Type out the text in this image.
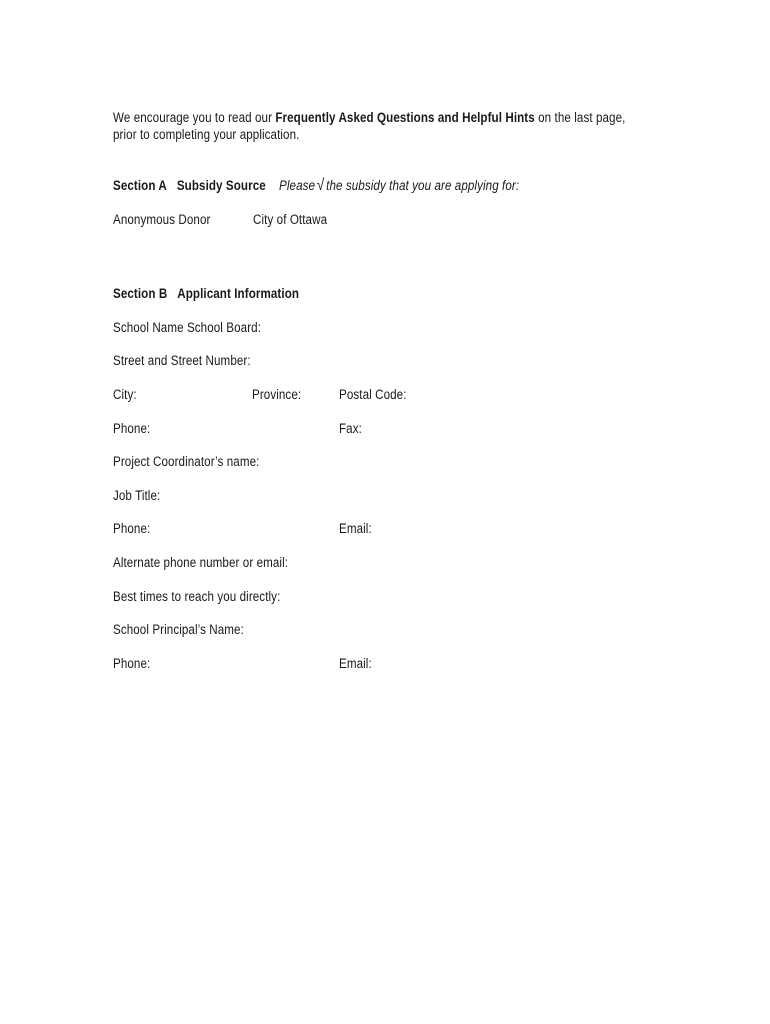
We encourage you to read our Frequently Asked Questions and Helpful Hints on the last page,
prior to completing your application.
Section A Subsidy Source Please √ the subsidy that you are applying for:
Anonymous Donor	City of Ottawa
Section B Applicant Information
School Name School Board:
Street and Street Number:
City:	Province:	Postal Code:
Phone:	Fax:
Project Coordinator’s name:
Job Title:
Phone:	Email:
Alternate phone number or email:
Best times to reach you directly:
School Principal’s Name:
Phone:	Email:
